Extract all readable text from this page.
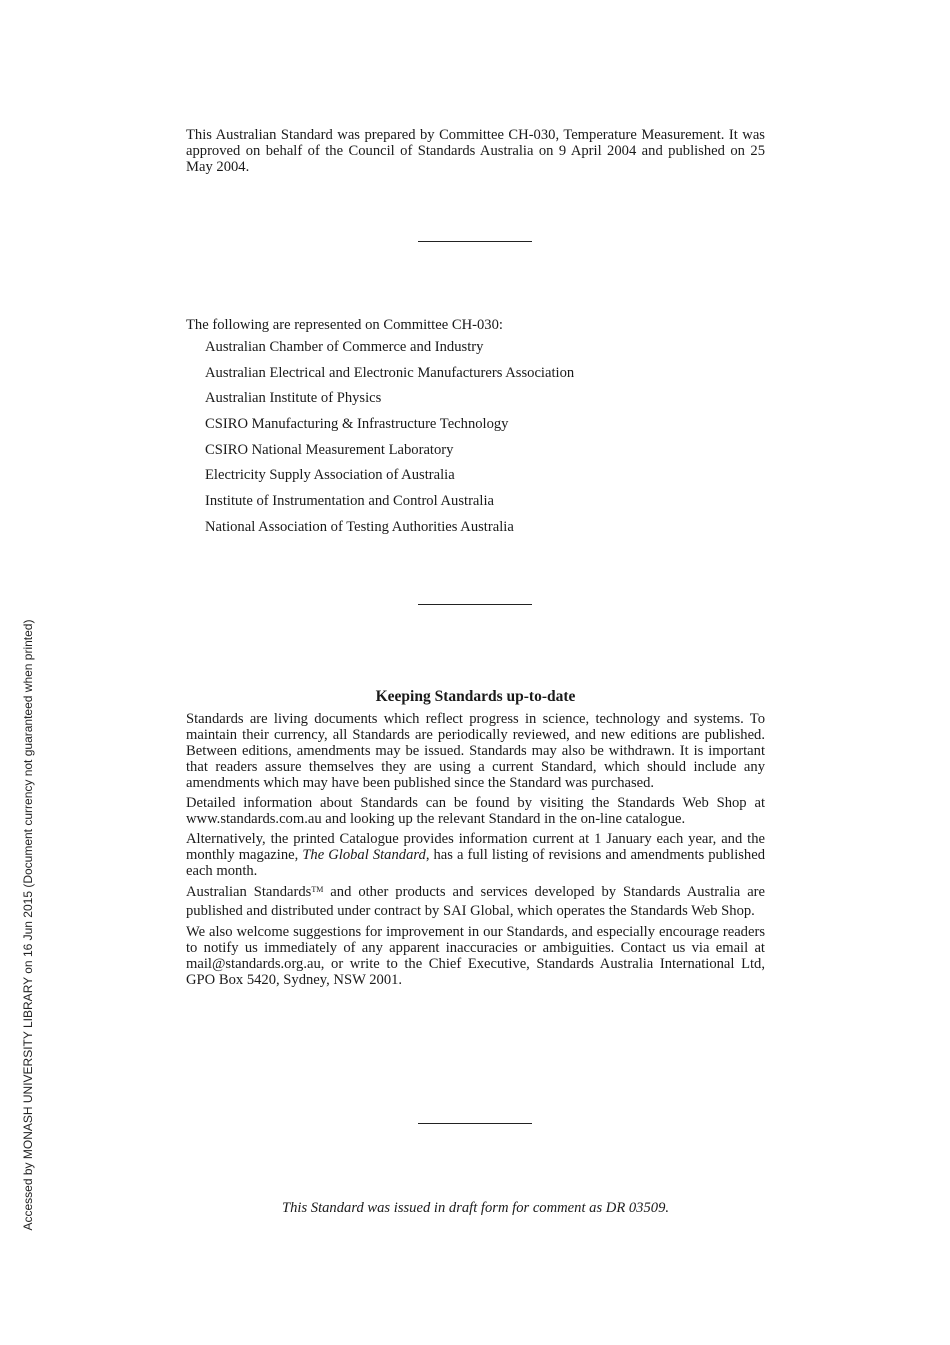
Accessed by MONASH UNIVERSITY LIBRARY on 16 Jun 2015 (Document currency not guaranteed when printed)
This Australian Standard was prepared by Committee CH-030, Temperature Measurement. It was approved on behalf of the Council of Standards Australia on 9 April 2004 and published on 25 May 2004.
The following are represented on Committee CH-030:
Australian Chamber of Commerce and Industry
Australian Electrical and Electronic Manufacturers Association
Australian Institute of Physics
CSIRO Manufacturing & Infrastructure Technology
CSIRO National Measurement Laboratory
Electricity Supply Association of Australia
Institute of Instrumentation and Control Australia
National Association of Testing Authorities Australia
Keeping Standards up-to-date

Standards are living documents which reflect progress in science, technology and systems. To maintain their currency, all Standards are periodically reviewed, and new editions are published. Between editions, amendments may be issued. Standards may also be withdrawn. It is important that readers assure themselves they are using a current Standard, which should include any amendments which may have been published since the Standard was purchased.

Detailed information about Standards can be found by visiting the Standards Web Shop at www.standards.com.au and looking up the relevant Standard in the on-line catalogue.

Alternatively, the printed Catalogue provides information current at 1 January each year, and the monthly magazine, The Global Standard, has a full listing of revisions and amendments published each month.

Australian Standards™ and other products and services developed by Standards Australia are published and distributed under contract by SAI Global, which operates the Standards Web Shop.

We also welcome suggestions for improvement in our Standards, and especially encourage readers to notify us immediately of any apparent inaccuracies or ambiguities. Contact us via email at mail@standards.org.au, or write to the Chief Executive, Standards Australia International Ltd, GPO Box 5420, Sydney, NSW 2001.

This Standard was issued in draft form for comment as DR 03509.
